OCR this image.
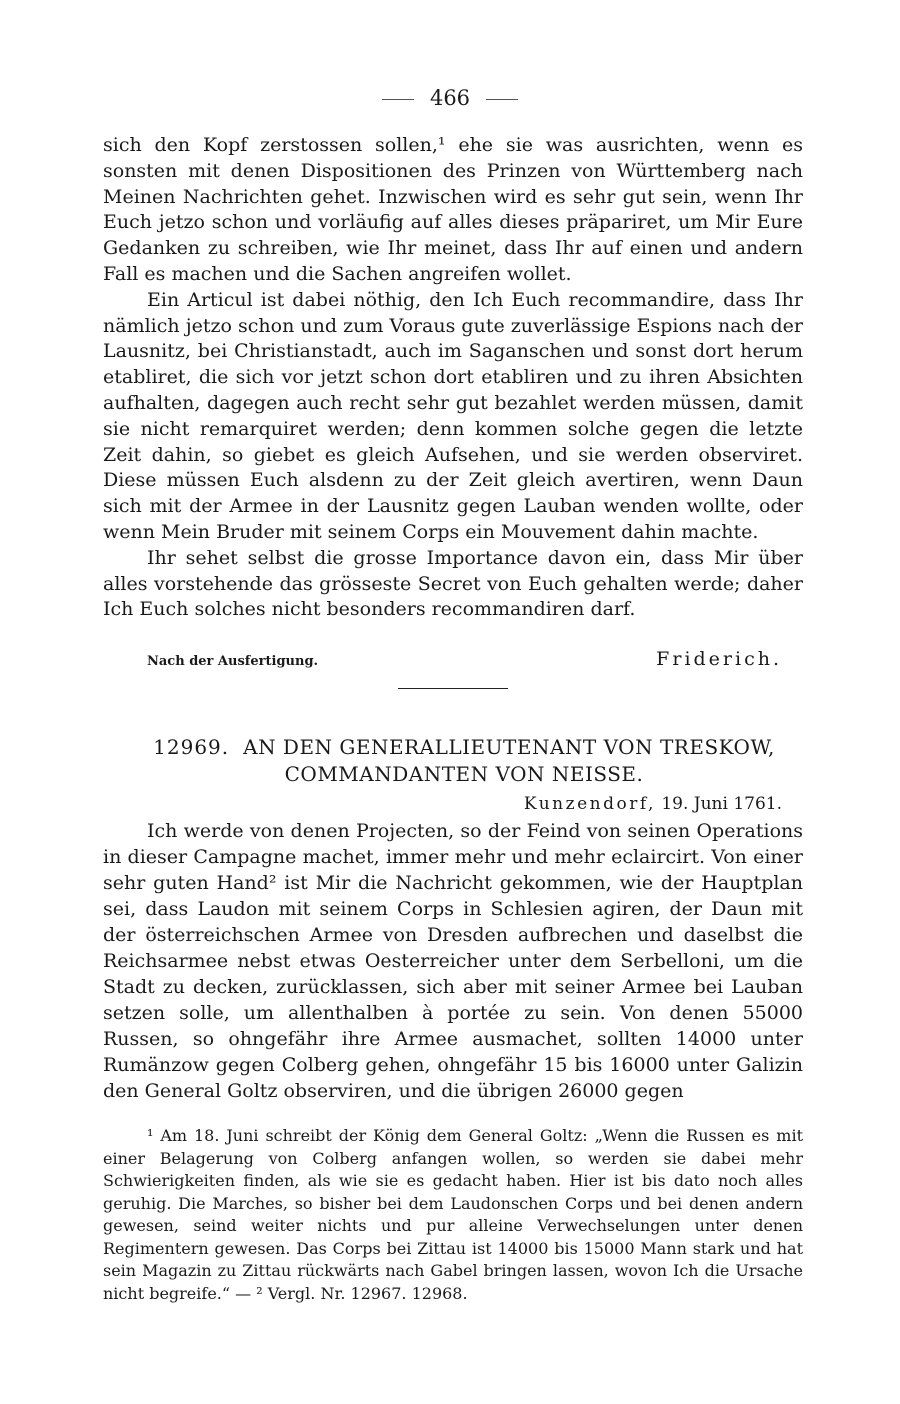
466

sich den Kopf zerstossen sollen,¹ ehe sie was ausrichten, wenn es sonsten mit denen Dispositionen des Prinzen von Württemberg nach Meinen Nachrichten gehet. Inzwischen wird es sehr gut sein, wenn Ihr Euch jetzo schon und vorläufig auf alles dieses präpariret, um Mir Eure Gedanken zu schreiben, wie Ihr meinet, dass Ihr auf einen und andern Fall es machen und die Sachen angreifen wollet.

Ein Articul ist dabei nöthig, den Ich Euch recommandire, dass Ihr nämlich jetzo schon und zum Voraus gute zuverlässige Espions nach der Lausnitz, bei Christianstadt, auch im Saganschen und sonst dort herum etabliret, die sich vor jetzt schon dort etabliren und zu ihren Absichten aufhalten, dagegen auch recht sehr gut bezahlet werden müssen, damit sie nicht remarquiret werden; denn kommen solche gegen die letzte Zeit dahin, so giebet es gleich Aufsehen, und sie werden observiret. Diese müssen Euch alsdenn zu der Zeit gleich avertiren, wenn Daun sich mit der Armee in der Lausnitz gegen Lauban wenden wollte, oder wenn Mein Bruder mit seinem Corps ein Mouvement dahin machte.

Ihr sehet selbst die grosse Importance davon ein, dass Mir über alles vorstehende das grösseste Secret von Euch gehalten werde; daher Ich Euch solches nicht besonders recommandiren darf.

Nach der Ausfertigung.	Friderich.
12969. AN DEN GENERALLIEUTENANT VON TRESKOW,
COMMANDANTEN VON NEISSE.
Kunzendorf, 19. Juni 1761.

Ich werde von denen Projecten, so der Feind von seinen Operations in dieser Campagne machet, immer mehr und mehr eclaircirt. Von einer sehr guten Hand² ist Mir die Nachricht gekommen, wie der Hauptplan sei, dass Laudon mit seinem Corps in Schlesien agiren, der Daun mit der österreichschen Armee von Dresden aufbrechen und daselbst die Reichsarmee nebst etwas Oesterreicher unter dem Serbelloni, um die Stadt zu decken, zurücklassen, sich aber mit seiner Armee bei Lauban setzen solle, um allenthalben à portée zu sein. Von denen 55000 Russen, so ohngefähr ihre Armee ausmachet, sollten 14000 unter Rumänzow gegen Colberg gehen, ohngefähr 15 bis 16000 unter Galizin den General Goltz observiren, und die übrigen 26000 gegen

¹ Am 18. Juni schreibt der König dem General Goltz: „Wenn die Russen es mit einer Belagerung von Colberg anfangen wollen, so werden sie dabei mehr Schwierigkeiten finden, als wie sie es gedacht haben. Hier ist bis dato noch alles geruhig. Die Marches, so bisher bei dem Laudonschen Corps und bei denen andern gewesen, seind weiter nichts und pur alleine Verwechselungen unter denen Regimentern gewesen. Das Corps bei Zittau ist 14000 bis 15000 Mann stark und hat sein Magazin zu Zittau rückwärts nach Gabel bringen lassen, wovon Ich die Ursache nicht begreife.“ — ² Vergl. Nr. 12967. 12968.
